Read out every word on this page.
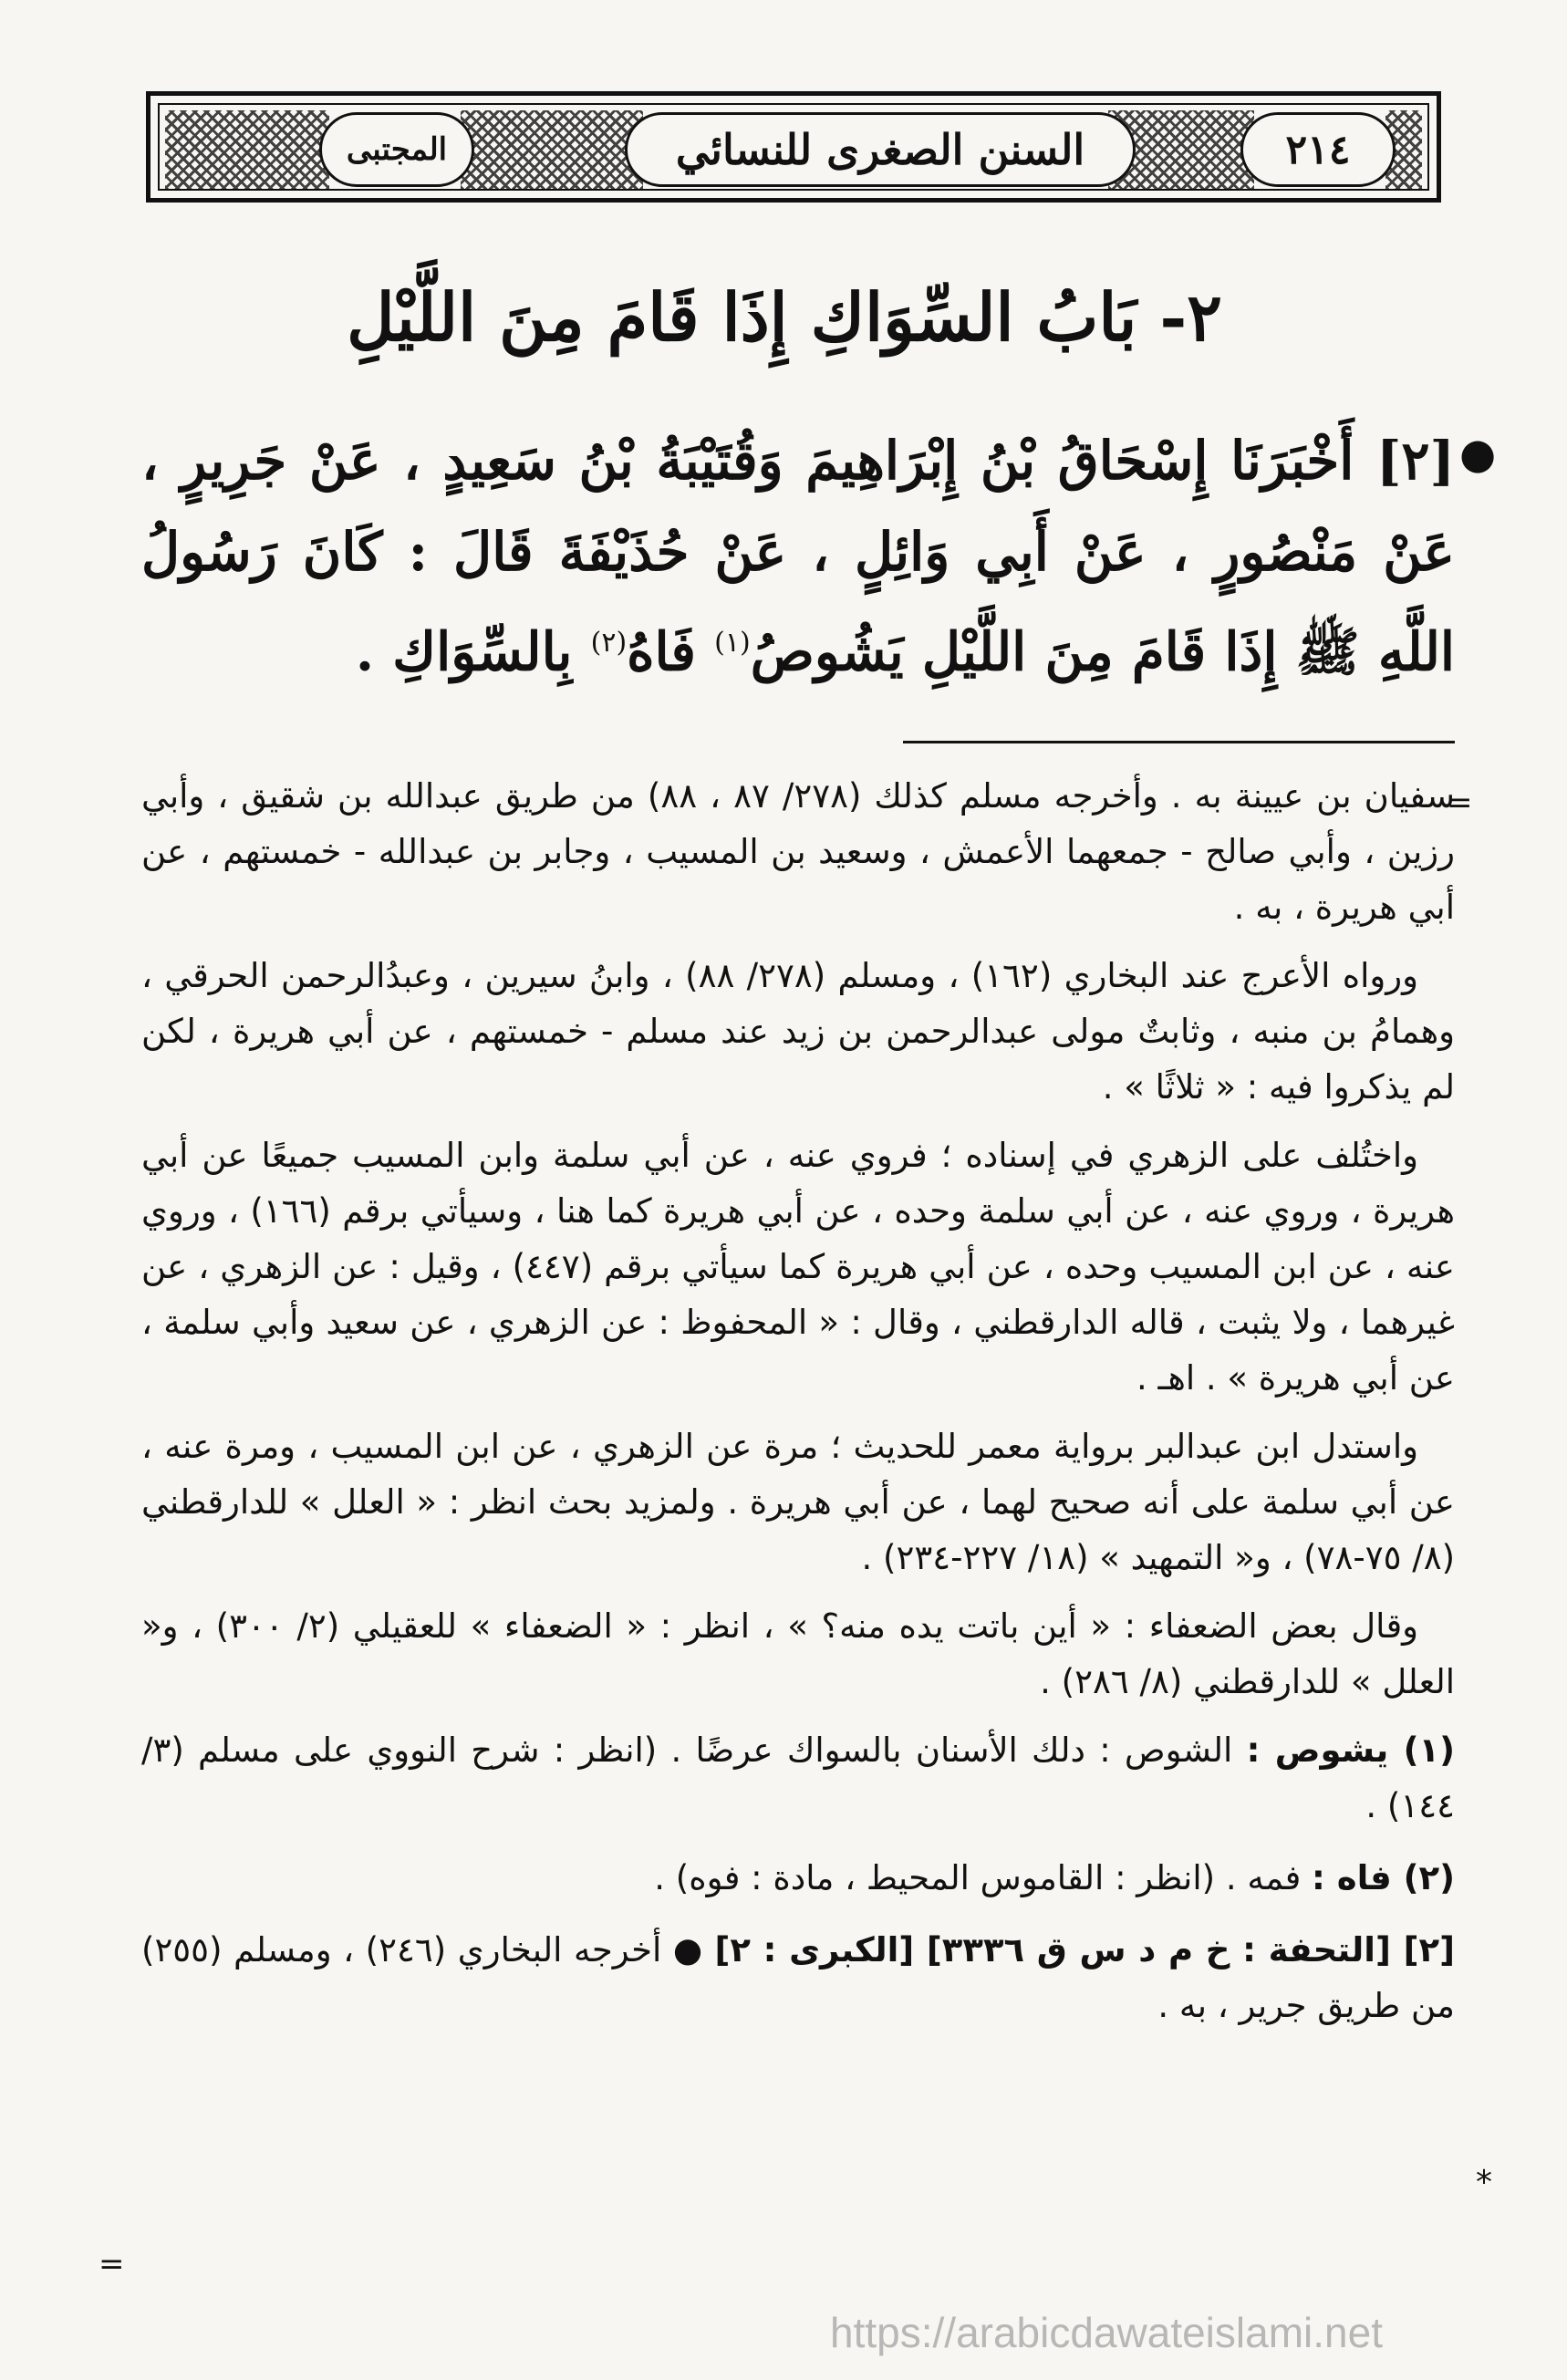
المجتبى	السنن الصغرى للنسائي	٢١٤
٢- بَابُ السِّوَاكِ إِذَا قَامَ مِنَ اللَّيْلِ
●
[٢] أَخْبَرَنَا إِسْحَاقُ بْنُ إِبْرَاهِيمَ وَقُتَيْبَةُ بْنُ سَعِيدٍ ، عَنْ جَرِيرٍ ، عَنْ مَنْصُورٍ ، عَنْ أَبِي وَائِلٍ ، عَنْ حُذَيْفَةَ قَالَ : كَانَ رَسُولُ اللَّهِ ﷺ إِذَا قَامَ مِنَ اللَّيْلِ يَشُوصُ$^{(١)}$ فَاهُ$^{(٢)}$ بِالسِّوَاكِ .
=

سفيان بن عيينة به . وأخرجه مسلم كذلك (٢٧٨/ ٨٧ ، ٨٨) من طريق عبدالله بن شقيق ، وأبي رزين ، وأبي صالح - جمعهما الأعمش ، وسعيد بن المسيب ، وجابر بن عبدالله - خمستهم ، عن أبي هريرة ، به .

ورواه الأعرج عند البخاري (١٦٢) ، ومسلم (٢٧٨/ ٨٨) ، وابنُ سيرين ، وعبدُالرحمن الحرقي ، وهمامُ بن منبه ، وثابتٌ مولى عبدالرحمن بن زيد عند مسلم - خمستهم ، عن أبي هريرة ، لكن لم يذكروا فيه : « ثلاثًا » .

واختُلف على الزهري في إسناده ؛ فروي عنه ، عن أبي سلمة وابن المسيب جميعًا عن أبي هريرة ، وروي عنه ، عن أبي سلمة وحده ، عن أبي هريرة كما هنا ، وسيأتي برقم (١٦٦) ، وروي عنه ، عن ابن المسيب وحده ، عن أبي هريرة كما سيأتي برقم (٤٤٧) ، وقيل : عن الزهري ، عن غيرهما ، ولا يثبت ، قاله الدارقطني ، وقال : « المحفوظ : عن الزهري ، عن سعيد وأبي سلمة ، عن أبي هريرة » . اهـ .

واستدل ابن عبدالبر برواية معمر للحديث ؛ مرة عن الزهري ، عن ابن المسيب ، ومرة عنه ، عن أبي سلمة على أنه صحيح لهما ، عن أبي هريرة . ولمزيد بحث انظر : « العلل » للدارقطني (٨/ ٧٥-٧٨) ، و« التمهيد » (١٨/ ٢٢٧-٢٣٤) .

وقال بعض الضعفاء : « أين باتت يده منه؟ » ، انظر : « الضعفاء » للعقيلي (٢/ ٣٠٠) ، و« العلل » للدارقطني (٨/ ٢٨٦) .

(١) يشوص : الشوص : دلك الأسنان بالسواك عرضًا . (انظر : شرح النووي على مسلم (٣/ ١٤٤) .

(٢) فاه : فمه . (انظر : القاموس المحيط ، مادة : فوه) .

[٢] [التحفة : خ م د س ق ٣٣٣٦] [الكبرى : ٢] ● أخرجه البخاري (٢٤٦) ، ومسلم (٢٥٥) من طريق جرير ، به .

*
=
https://arabicdawateislami.net
